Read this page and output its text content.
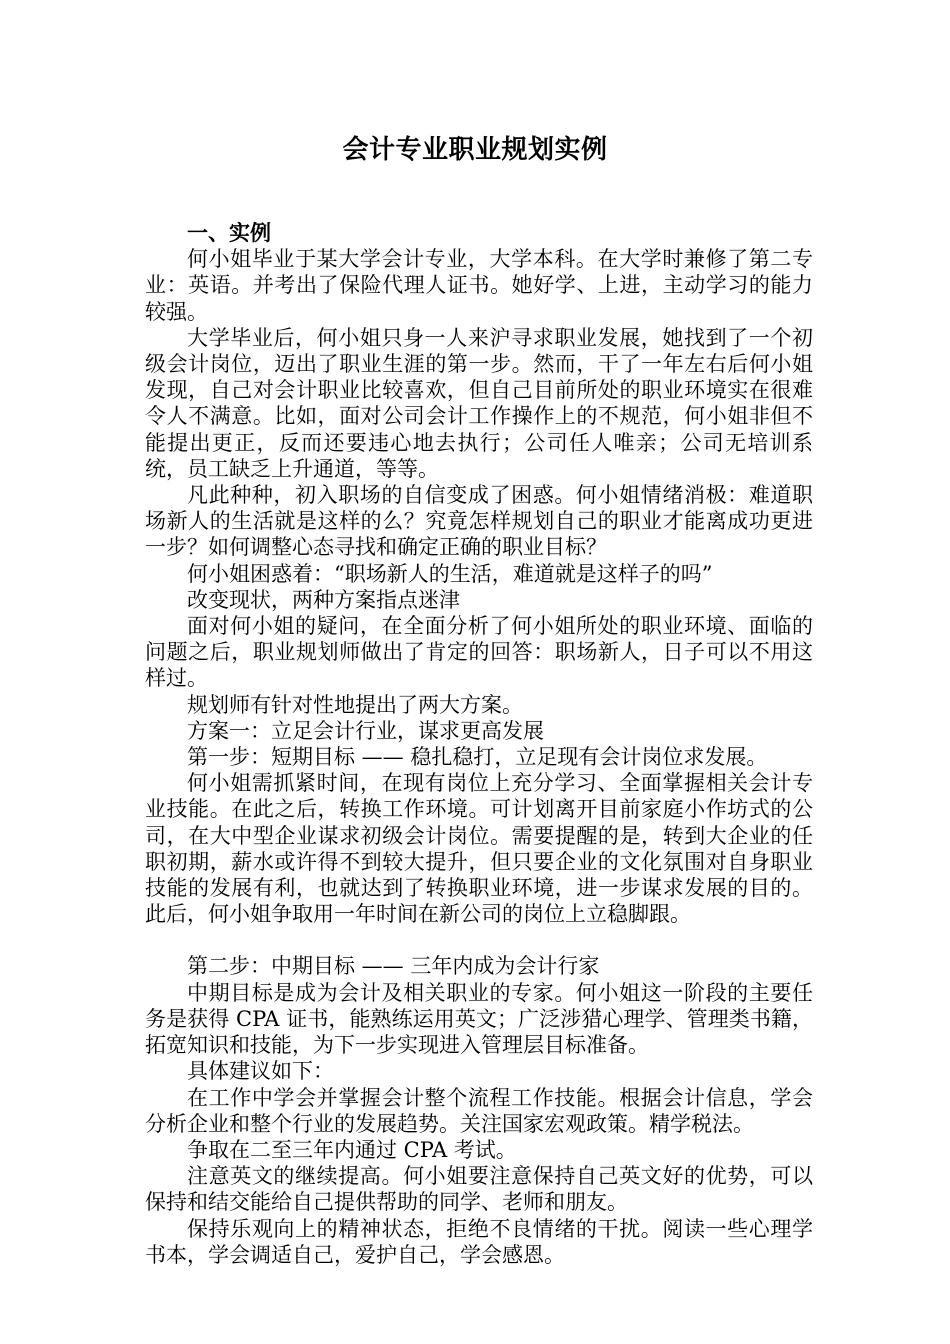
会计专业职业规划实例

一、实例

何小姐毕业于某大学会计专业，大学本科。在大学时兼修了第二专业：英语。并考出了保险代理人证书。她好学、上进，主动学习的能力较强。

大学毕业后，何小姐只身一人来沪寻求职业发展，她找到了一个初级会计岗位，迈出了职业生涯的第一步。然而，干了一年左右后何小姐发现，自己对会计职业比较喜欢，但自己目前所处的职业环境实在很难令人不满意。比如，面对公司会计工作操作上的不规范，何小姐非但不能提出更正，反而还要违心地去执行；公司任人唯亲；公司无培训系统，员工缺乏上升通道，等等。

凡此种种，初入职场的自信变成了困惑。何小姐情绪消极：难道职场新人的生活就是这样的么？究竟怎样规划自己的职业才能离成功更进一步？如何调整心态寻找和确定正确的职业目标？

何小姐困惑着：“职场新人的生活，难道就是这样子的吗”

改变现状，两种方案指点迷津

面对何小姐的疑问，在全面分析了何小姐所处的职业环境、面临的问题之后，职业规划师做出了肯定的回答：职场新人，日子可以不用这样过。

规划师有针对性地提出了两大方案。

方案一：立足会计行业，谋求更高发展

第一步：短期目标 —— 稳扎稳打，立足现有会计岗位求发展。

何小姐需抓紧时间，在现有岗位上充分学习、全面掌握相关会计专业技能。在此之后，转换工作环境。可计划离开目前家庭小作坊式的公司，在大中型企业谋求初级会计岗位。需要提醒的是，转到大企业的任职初期，薪水或许得不到较大提升，但只要企业的文化氛围对自身职业技能的发展有利，也就达到了转换职业环境，进一步谋求发展的目的。此后，何小姐争取用一年时间在新公司的岗位上立稳脚跟。

第二步：中期目标 —— 三年内成为会计行家

中期目标是成为会计及相关职业的专家。何小姐这一阶段的主要任务是获得 CPA 证书，能熟练运用英文；广泛涉猎心理学、管理类书籍，拓宽知识和技能，为下一步实现进入管理层目标准备。

具体建议如下：

在工作中学会并掌握会计整个流程工作技能。根据会计信息，学会分析企业和整个行业的发展趋势。关注国家宏观政策。精学税法。

争取在二至三年内通过 CPA 考试。

注意英文的继续提高。何小姐要注意保持自己英文好的优势，可以保持和结交能给自己提供帮助的同学、老师和朋友。

保持乐观向上的精神状态，拒绝不良情绪的干扰。阅读一些心理学书本，学会调适自己，爱护自己，学会感恩。
